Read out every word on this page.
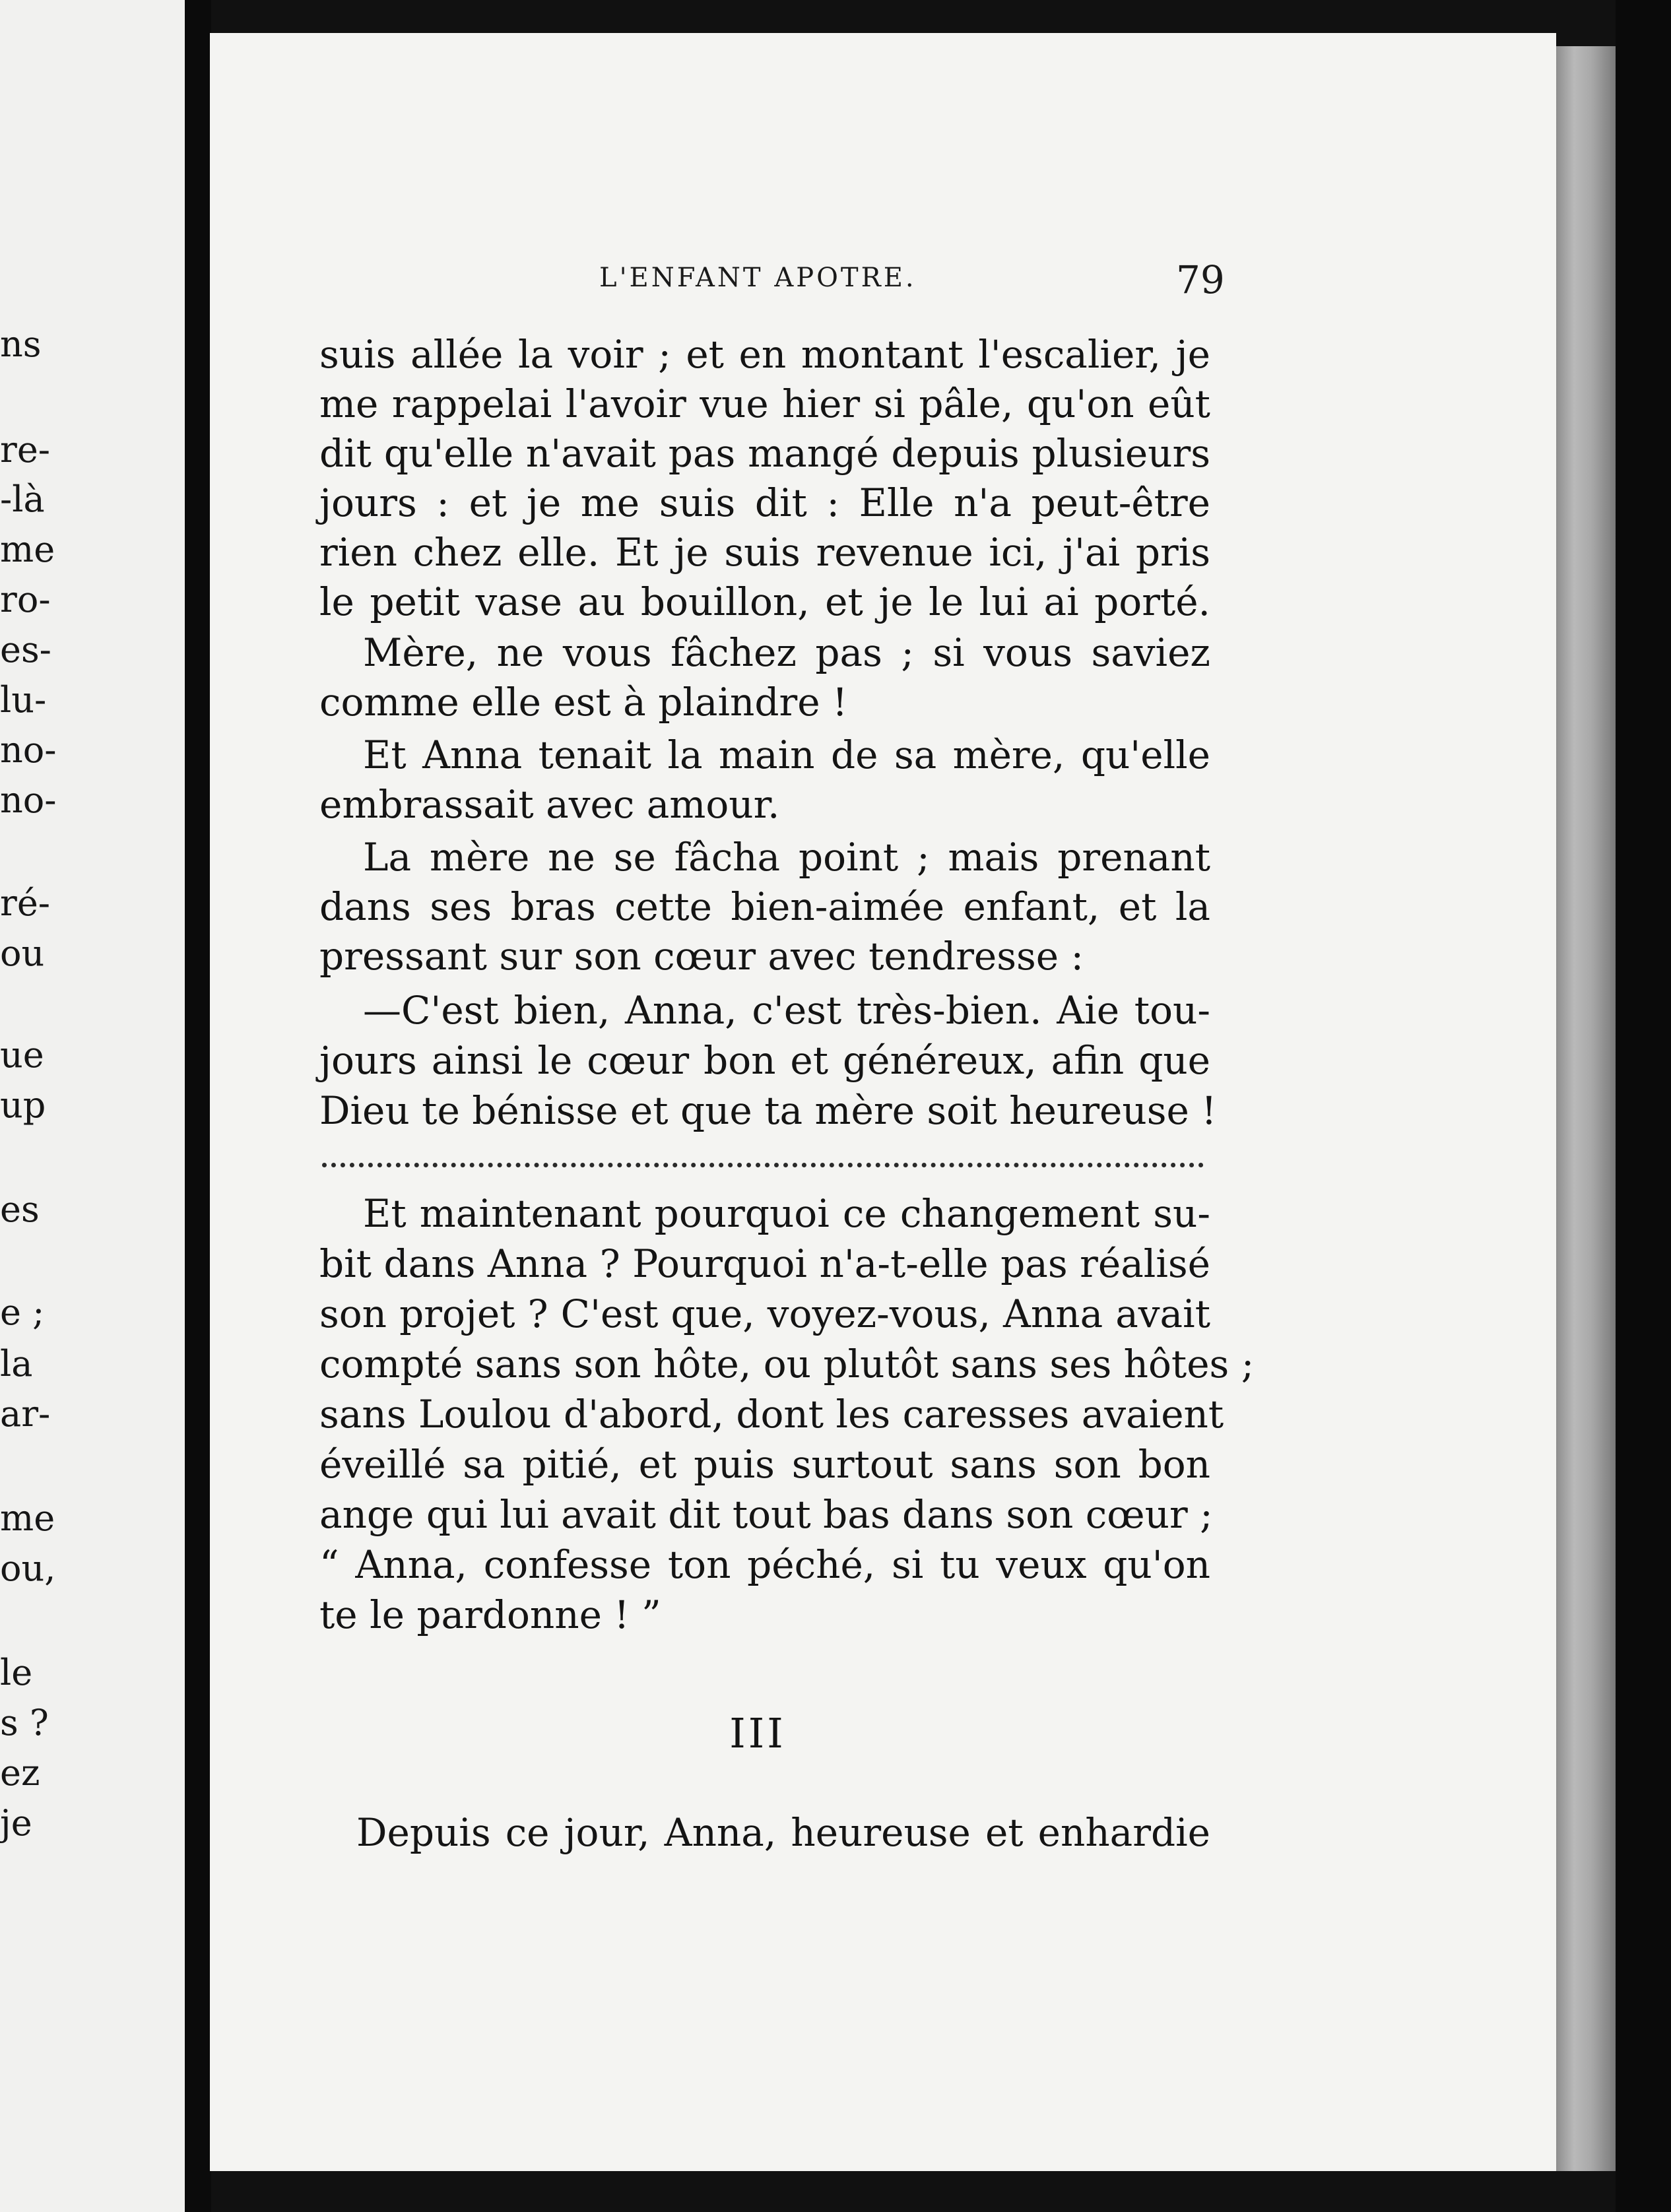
ns
re-
-là
me
ro-
es-
lu-
no-
no-
ré-
ou
ue
up
es
e ;
la
ar-
me
ou,
le
s ?
ez
je
L'ENFANT APOTRE.	79
suis allée la voir ; et en montant l'escalier, je
me rappelai l'avoir vue hier si pâle, qu'on eût
dit qu'elle n'avait pas mangé depuis plusieurs
jours : et je me suis dit : Elle n'a peut-être
rien chez elle. Et je suis revenue ici, j'ai pris
le petit vase au bouillon, et je le lui ai porté.
Mère, ne vous fâchez pas ; si vous saviez
comme elle est à plaindre !
Et Anna tenait la main de sa mère, qu'elle
embrassait avec amour.
La mère ne se fâcha point ; mais prenant
dans ses bras cette bien-aimée enfant, et la
pressant sur son cœur avec tendresse :
—C'est bien, Anna, c'est très-bien. Aie tou-
jours ainsi le cœur bon et généreux, afin que
Dieu te bénisse et que ta mère soit heureuse !
Et maintenant pourquoi ce changement su-
bit dans Anna ? Pourquoi n'a-t-elle pas réalisé
son projet ? C'est que, voyez-vous, Anna avait
compté sans son hôte, ou plutôt sans ses hôtes ;
sans Loulou d'abord, dont les caresses avaient
éveillé sa pitié, et puis surtout sans son bon
ange qui lui avait dit tout bas dans son cœur ;
“ Anna, confesse ton péché, si tu veux qu'on
te le pardonne ! ”
III
Depuis ce jour, Anna, heureuse et enhardie
